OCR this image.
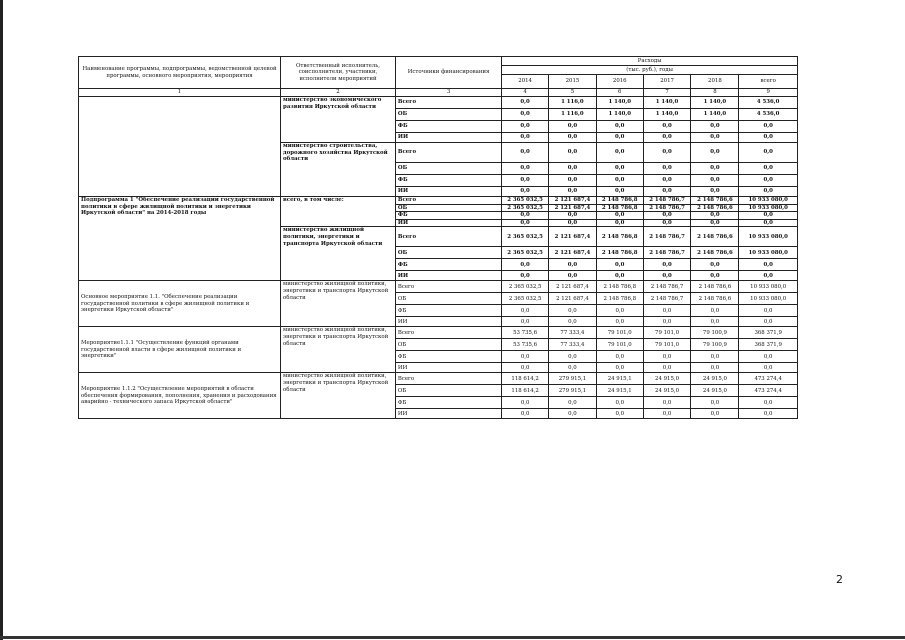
Наименование программы, подпрограммы, ведомственной целевой программы, основного мероприятия, мероприятия	Ответственный исполнитель, соисполнители, участники, исполнители мероприятий	Источники финансирования	Расходы					
			(тыс. руб.), годы					
			2014	2015	2016	2017	2018	всего
1	2	3	4	5	6	7	8	9
	министерство экономического развития Иркутской области	Всего	0,0	1 116,0	1 140,0	1 140,0	1 140,0	4 536,0
		ОБ	0,0	1 116,0	1 140,0	1 140,0	1 140,0	4 536,0
		ФБ	0,0	0,0	0,0	0,0	0,0	0,0
		ИИ	0,0	0,0	0,0	0,0	0,0	0,0
	министерство строительства, дорожного хозяйства Иркутской области	Всего	0,0	0,0	0,0	0,0	0,0	0,0
		ОБ	0,0	0,0	0,0	0,0	0,0	0,0
		ФБ	0,0	0,0	0,0	0,0	0,0	0,0
		ИИ	0,0	0,0	0,0	0,0	0,0	0,0
Подпрограмма 1 "Обеспечение реализации государственной политики в сфере жилищной политики и энергетики Иркутской области" на 2014-2018 годы	всего, в том числе:	Всего	2 365 032,5	2 121 687,4	2 148 786,8	2 148 786,7	2 148 786,6	10 933 080,0
		ОБ	2 365 032,5	2 121 687,4	2 148 786,8	2 148 786,7	2 148 786,6	10 933 080,0
		ФБ	0,0	0,0	0,0	0,0	0,0	0,0
		ИИ	0,0	0,0	0,0	0,0	0,0	0,0
	министерство жилищной политики, энергетики и транспорта Иркутской области	Всего	2 365 032,5	2 121 687,4	2 148 786,8	2 148 786,7	2 148 786,6	10 933 080,0
		ОБ	2 365 032,5	2 121 687,4	2 148 786,8	2 148 786,7	2 148 786,6	10 933 080,0
		ФБ	0,0	0,0	0,0	0,0	0,0	0,0
		ИИ	0,0	0,0	0,0	0,0	0,0	0,0
Основное мероприятие 1.1. "Обеспечение реализации государственной политики в сфере жилищной политики и энергетики Иркутской области"	министерство жилищной политики, энергетики и транспорта Иркутской области	Всего	2 365 032,5	2 121 687,4	2 148 786,8	2 148 786,7	2 148 786,6	10 933 080,0
		ОБ	2 365 032,5	2 121 687,4	2 148 786,8	2 148 786,7	2 148 786,6	10 933 080,0
		ФБ	0,0	0,0	0,0	0,0	0,0	0,0
		ИИ	0,0	0,0	0,0	0,0	0,0	0,0
Мероприятие1.1.1 "Осуществление функций органами государственной власти в сфере жилищной политики и энергетики"	министерство жилищной политики, энергетики и транспорта Иркутской области	Всего	53 735,6	77 333,4	79 101,0	79 101,0	79 100,9	368 371,9
		ОБ	53 735,6	77 333,4	79 101,0	79 101,0	79 100,9	368 371,9
		ФБ	0,0	0,0	0,0	0,0	0,0	0,0
		ИИ	0,0	0,0	0,0	0,0	0,0	0,0
Мероприятие 1.1.2 "Осуществление мероприятий в области обеспечения формирования, пополнения, хранения и расходования аварийно - технического запаса Иркутской области"	министерство жилищной политики, энергетики и транспорта Иркутской области	Всего	118 614,2	279 915,1	24 915,1	24 915,0	24 915,0	473 274,4
		ОБ	118 614,2	279 915,1	24 915,1	24 915,0	24 915,0	473 274,4
		ФБ	0,0	0,0	0,0	0,0	0,0	0,0
		ИИ	0,0	0,0	0,0	0,0	0,0	0,0
2
